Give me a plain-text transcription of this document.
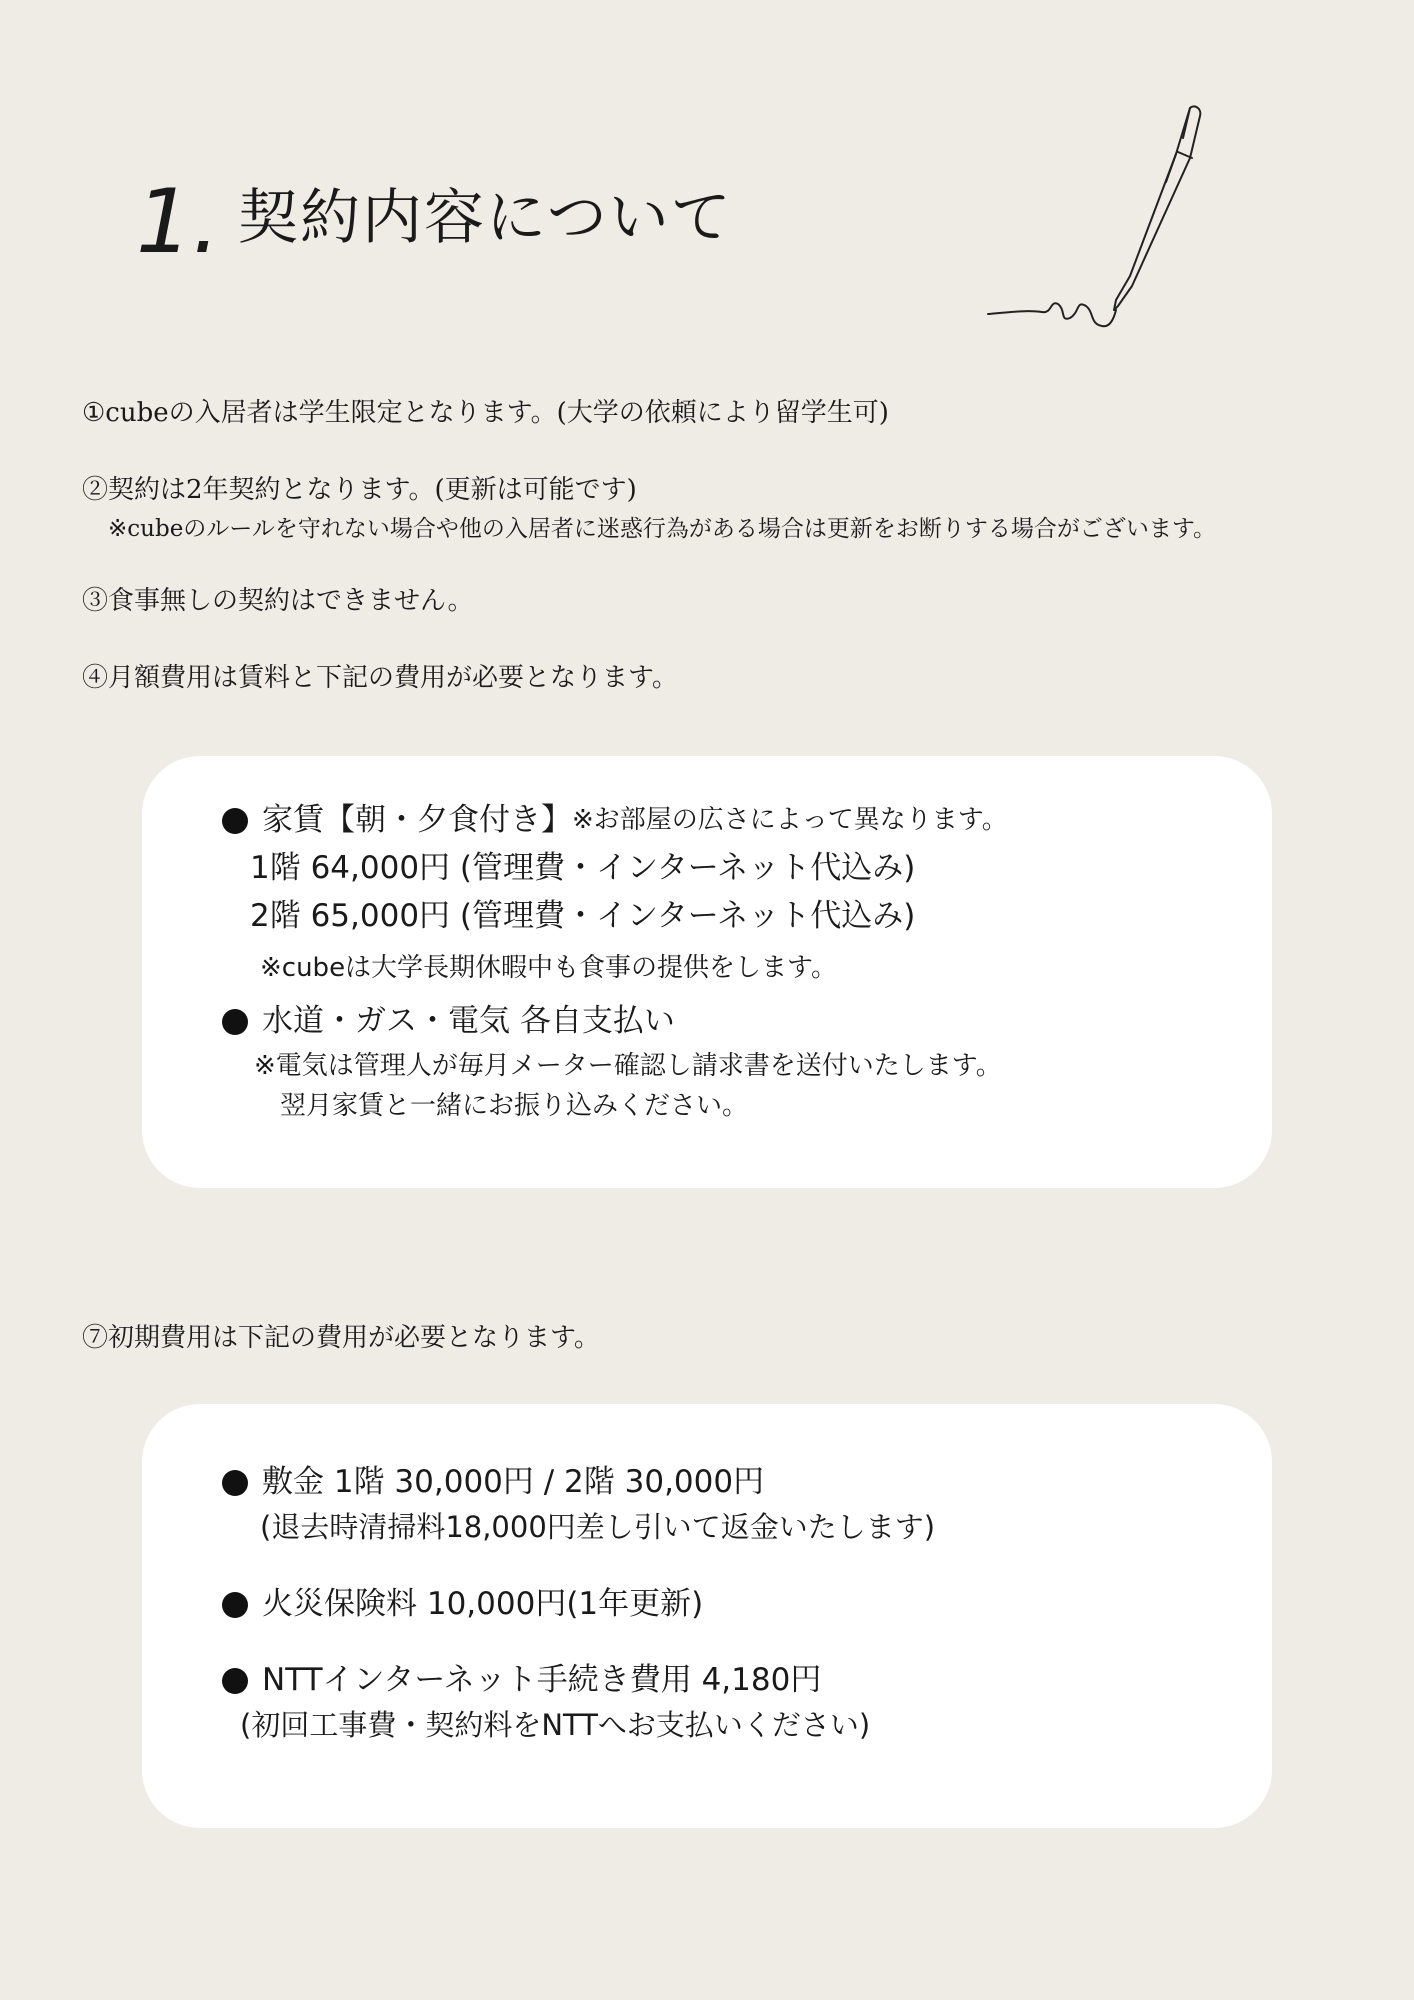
1. 契約内容について
①cubeの入居者は学生限定となります。(大学の依頼により留学生可)
②契約は2年契約となります。(更新は可能です)
※cubeのルールを守れない場合や他の入居者に迷惑行為がある場合は更新をお断りする場合がございます。
③食事無しの契約はできません。
④月額費用は賃料と下記の費用が必要となります。
家賃【朝・夕食付き】 ※お部屋の広さによって異なります。
1階 64,000円 (管理費・インターネット代込み)
2階 65,000円 (管理費・インターネット代込み)
※cubeは大学長期休暇中も食事の提供をします。
水道・ガス・電気 各自支払い
※電気は管理人が毎月メーター確認し請求書を送付いたします。
翌月家賃と一緒にお振り込みください。
⑦初期費用は下記の費用が必要となります。
敷金 1階 30,000円 / 2階 30,000円
(退去時清掃料18,000円差し引いて返金いたします)
火災保険料 10,000円(1年更新)
NTTインターネット手続き費用 4,180円
(初回工事費・契約料をNTTへお支払いください)
